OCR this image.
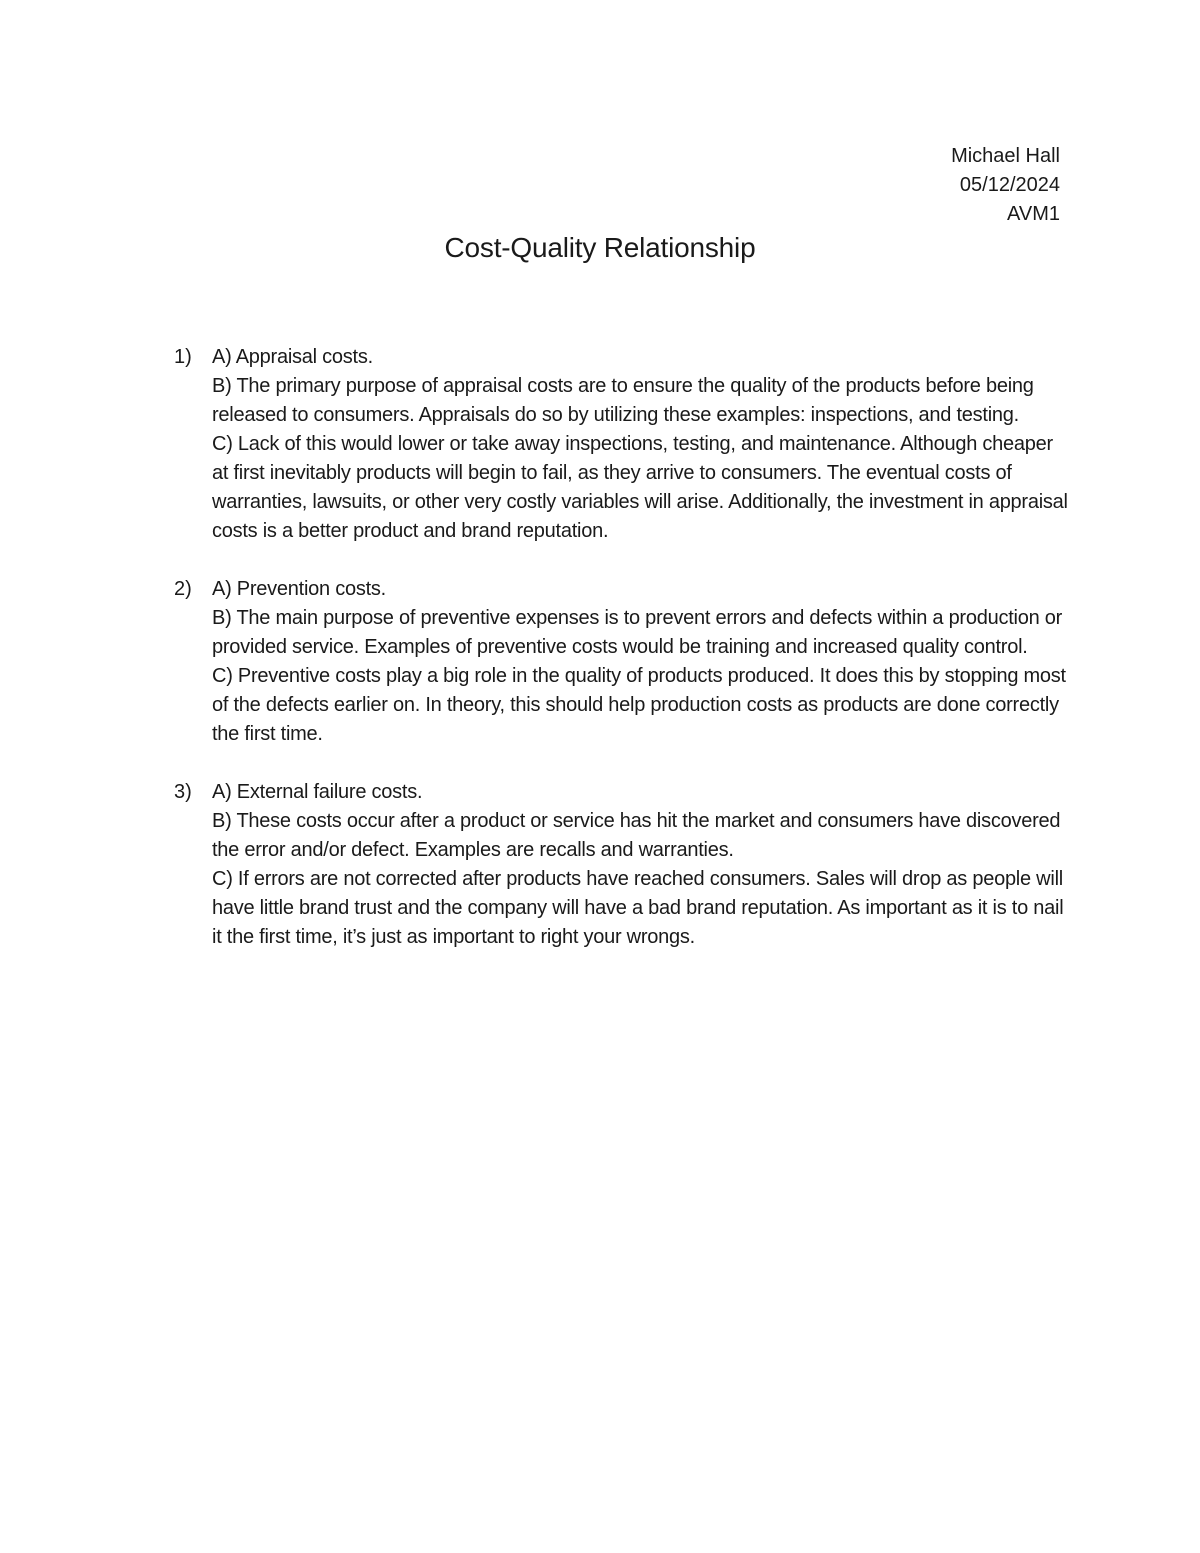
Michael Hall
05/12/2024
AVM1
Cost-Quality Relationship
1)	A) Appraisal costs.

B) The primary purpose of appraisal costs are to ensure the quality of the products before being released to consumers. Appraisals do so by utilizing these examples: inspections, and testing.

C) Lack of this would lower or take away inspections, testing, and maintenance. Although cheaper at first inevitably products will begin to fail, as they arrive to consumers. The eventual costs of warranties, lawsuits, or other very costly variables will arise. Additionally, the investment in appraisal costs is a better product and brand reputation.

2)	A) Prevention costs.

B) The main purpose of preventive expenses is to prevent errors and defects within a production or provided service. Examples of preventive costs would be training and increased quality control.

C) Preventive costs play a big role in the quality of products produced. It does this by stopping most of the defects earlier on. In theory, this should help production costs as products are done correctly the first time.

3)	A) External failure costs.

B) These costs occur after a product or service has hit the market and consumers have discovered the error and/or defect. Examples are recalls and warranties.

C) If errors are not corrected after products have reached consumers. Sales will drop as people will have little brand trust and the company will have a bad brand reputation. As important as it is to nail it the first time, it’s just as important to right your wrongs.
